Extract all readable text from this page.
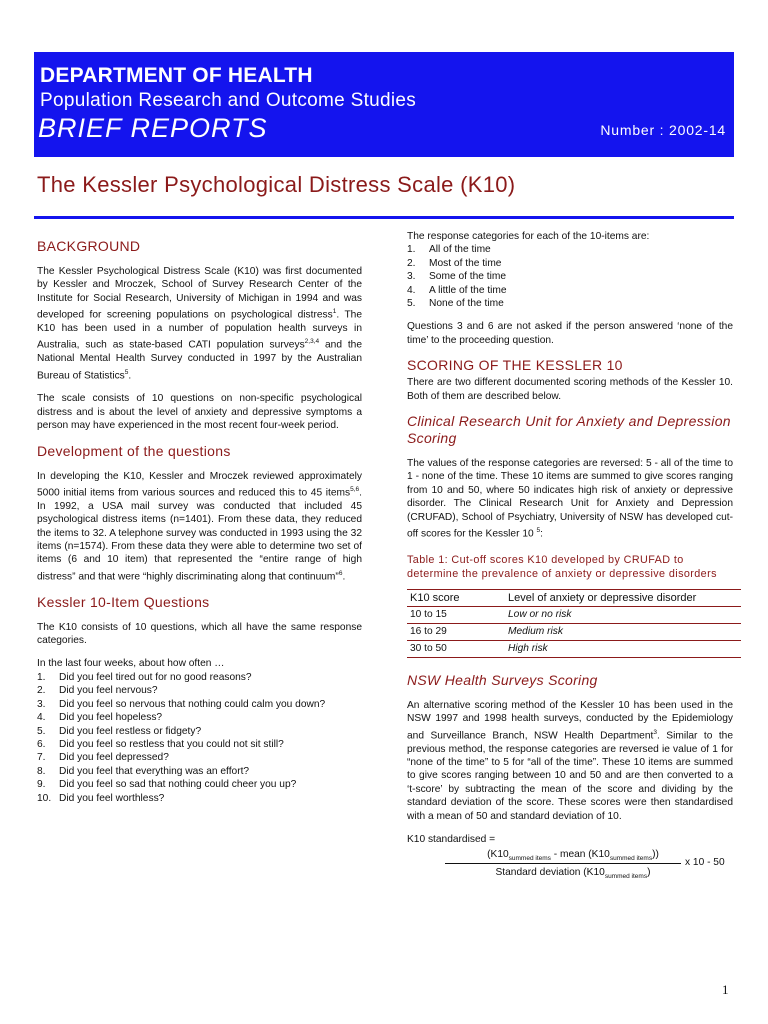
DEPARTMENT OF HEALTH
Population Research and Outcome Studies
BRIEF REPORTS	Number : 2002-14
The Kessler Psychological Distress Scale (K10)
BACKGROUND
The Kessler Psychological Distress Scale (K10) was first documented by Kessler and Mroczek, School of Survey Research Center of the Institute for Social Research, University of Michigan in 1994 and was developed for screening populations on psychological distress$^1$. The K10 has been used in a number of population health surveys in Australia, such as state-based CATI population surveys$^{2,3,4}$ and the National Mental Health Survey conducted in 1997 by the Australian Bureau of Statistics$^5$.
The scale consists of 10 questions on non-specific psychological distress and is about the level of anxiety and depressive symptoms a person may have experienced in the most recent four-week period.
Development of the questions
In developing the K10, Kessler and Mroczek reviewed approximately 5000 initial items from various sources and reduced this to 45 items$^{5,6}$. In 1992, a USA mail survey was conducted that included 45 psychological distress items (n=1401). From these data, they reduced the items to 32. A telephone survey was conducted in 1993 using the 32 items (n=1574). From these data they were able to determine two set of items (6 and 10 item) that represented the “entire range of high distress” and that were “highly discriminating along that continuum”$^6$.
Kessler 10-Item Questions
The K10 consists of 10 questions, which all have the same response categories.
In the last four weeks, about how often …
1.	Did you feel tired out for no good reasons?
2.	Did you feel nervous?
3.	Did you feel so nervous that nothing could calm you down?
4.	Did you feel hopeless?
5.	Did you feel restless or fidgety?
6.	Did you feel so restless that you could not sit still?
7.	Did you feel depressed?
8.	Did you feel that everything was an effort?
9.	Did you feel so sad that nothing could cheer you up?
10. Did you feel worthless?
The response categories for each of the 10-items are:
1.	All of the time
2.	Most of the time
3.	Some of the time
4.	A little of the time
5.	None of the time
Questions 3 and 6 are not asked if the person answered ‘none of the time’ to the proceeding question.
SCORING OF THE KESSLER 10
There are two different documented scoring methods of the Kessler 10. Both of them are described below.
Clinical Research Unit for Anxiety and Depression Scoring
The values of the response categories are reversed: 5 - all of the time to 1 - none of the time. These 10 items are summed to give scores ranging from 10 and 50, where 50 indicates high risk of anxiety or depressive disorder. The Clinical Research Unit for Anxiety and Depression (CRUFAD), School of Psychiatry, University of NSW has developed cut-off scores for the Kessler 10 $^5$:
Table 1: Cut-off scores K10 developed by CRUFAD to determine the prevalence of anxiety or depressive disorders
K10 score	Level of anxiety or depressive disorder
10 to 15	Low or no risk
16 to 29	Medium risk
30 to 50	High risk
NSW Health Surveys Scoring
An alternative scoring method of the Kessler 10 has been used in the NSW 1997 and 1998 health surveys, conducted by the Epidemiology and Surveillance Branch, NSW Health Department$^3$. Similar to the previous method, the response categories are reversed ie value of 1 for “none of the time” to 5 for “all of the time”. These 10 items are summed to give scores ranging between 10 and 50 and are then converted to a ‘t-score’ by subtracting the mean of the score and dividing by the standard deviation of the score. These scores were then standardised with a mean of 50 and standard deviation of 10.
K10 standardised =
($K10_{summed items}$ - mean $(K10_{summed items})$)
Standard deviation $(K10_{summed items})$
x 10 - 50
1
